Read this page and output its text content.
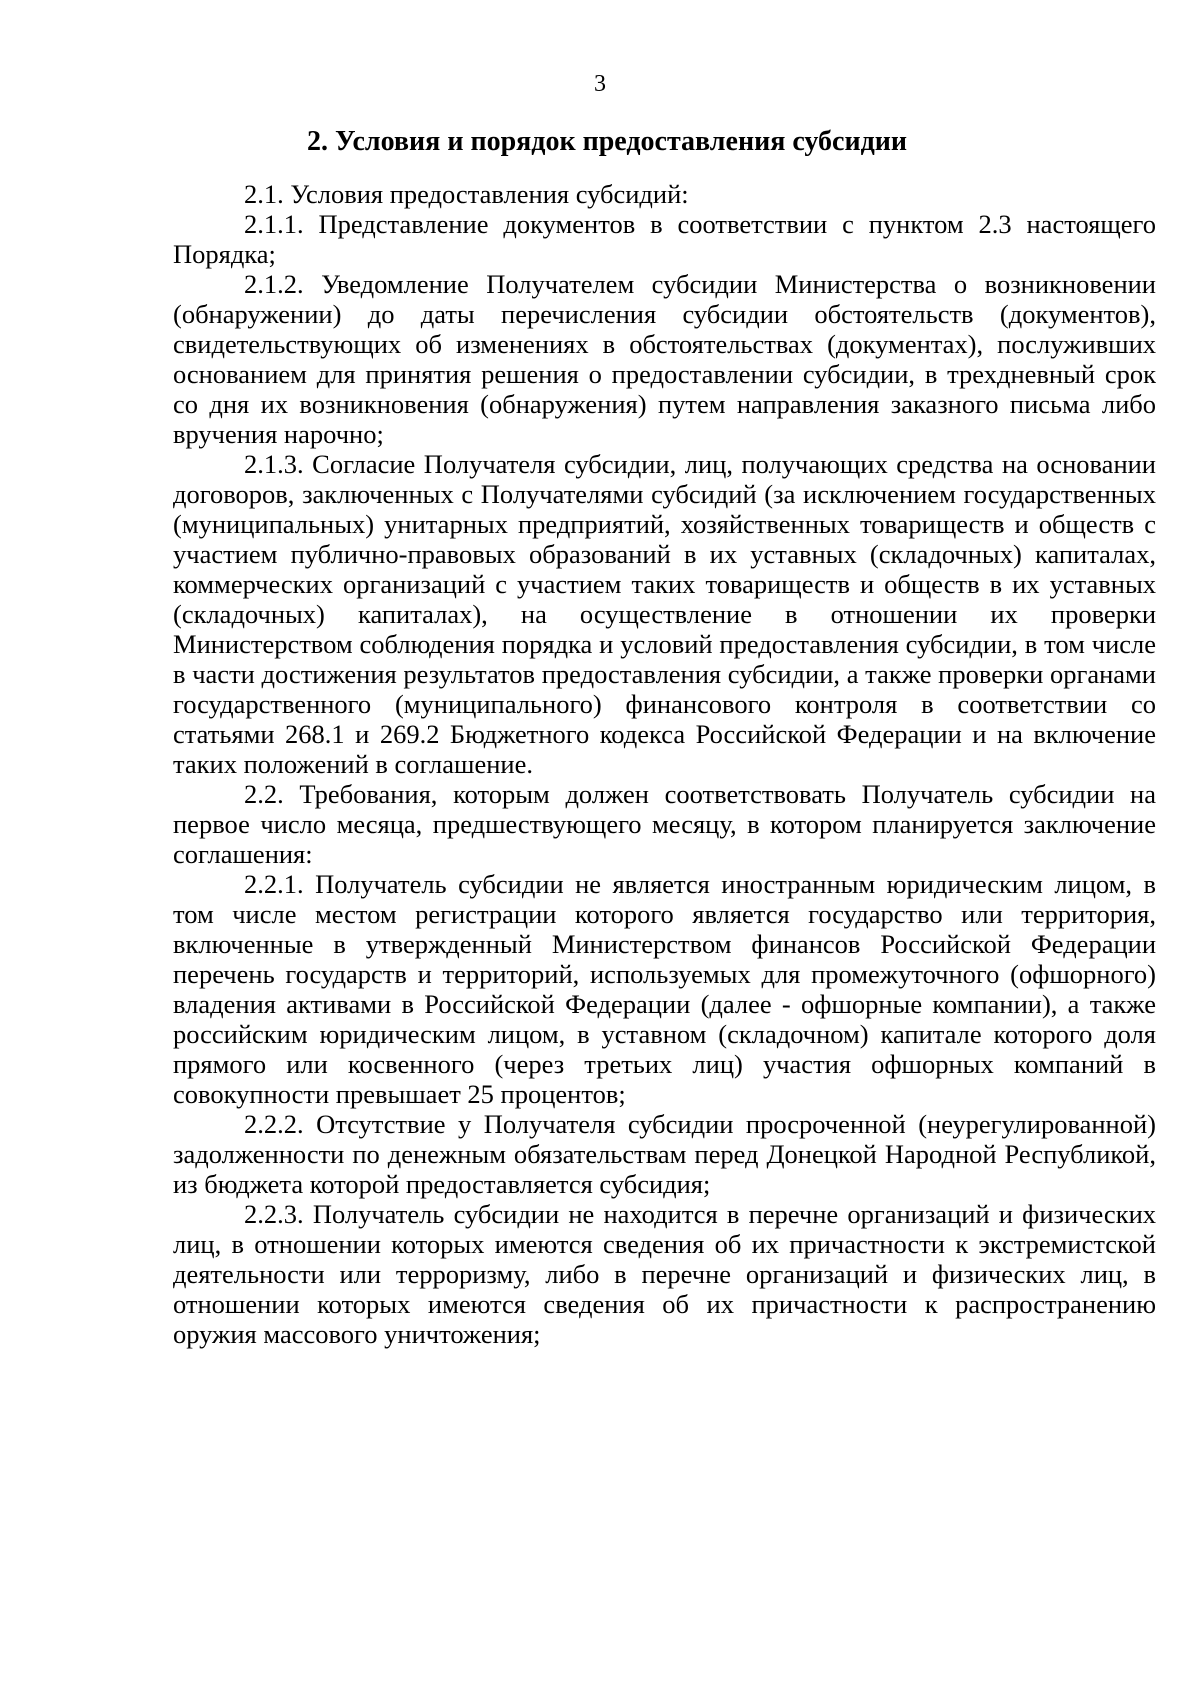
3
2. Условия и порядок предоставления субсидии

2.1. Условия предоставления субсидий:

2.1.1. Представление документов в соответствии с пунктом 2.3 настоящего Порядка;

2.1.2. Уведомление Получателем субсидии Министерства о возникновении (обнаружении) до даты перечисления субсидии обстоятельств (документов), свидетельствующих об изменениях в обстоятельствах (документах), послуживших основанием для принятия решения о предоставлении субсидии, в трехдневный срок со дня их возникновения (обнаружения) путем направления заказного письма либо вручения нарочно;

2.1.3. Согласие Получателя субсидии, лиц, получающих средства на основании договоров, заключенных с Получателями субсидий (за исключением государственных (муниципальных) унитарных предприятий, хозяйственных товариществ и обществ с участием публично-правовых образований в их уставных (складочных) капиталах, коммерческих организаций с участием таких товариществ и обществ в их уставных (складочных) капиталах), на осуществление в отношении их проверки Министерством соблюдения порядка и условий предоставления субсидии, в том числе в части достижения результатов предоставления субсидии, а также проверки органами государственного (муниципального) финансового контроля в соответствии со статьями 268.1 и 269.2 Бюджетного кодекса Российской Федерации и на включение таких положений в соглашение.

2.2. Требования, которым должен соответствовать Получатель субсидии на первое число месяца, предшествующего месяцу, в котором планируется заключение соглашения:

2.2.1. Получатель субсидии не является иностранным юридическим лицом, в том числе местом регистрации которого является государство или территория, включенные в утвержденный Министерством финансов Российской Федерации перечень государств и территорий, используемых для промежуточного (офшорного) владения активами в Российской Федерации (далее - офшорные компании), а также российским юридическим лицом, в уставном (складочном) капитале которого доля прямого или косвенного (через третьих лиц) участия офшорных компаний в совокупности превышает 25 процентов;

2.2.2. Отсутствие у Получателя субсидии просроченной (неурегулированной) задолженности по денежным обязательствам перед Донецкой Народной Республикой, из бюджета которой предоставляется субсидия;

2.2.3. Получатель субсидии не находится в перечне организаций и физических лиц, в отношении которых имеются сведения об их причастности к экстремистской деятельности или терроризму, либо в перечне организаций и физических лиц, в отношении которых имеются сведения об их причастности к распространению оружия массового уничтожения;
